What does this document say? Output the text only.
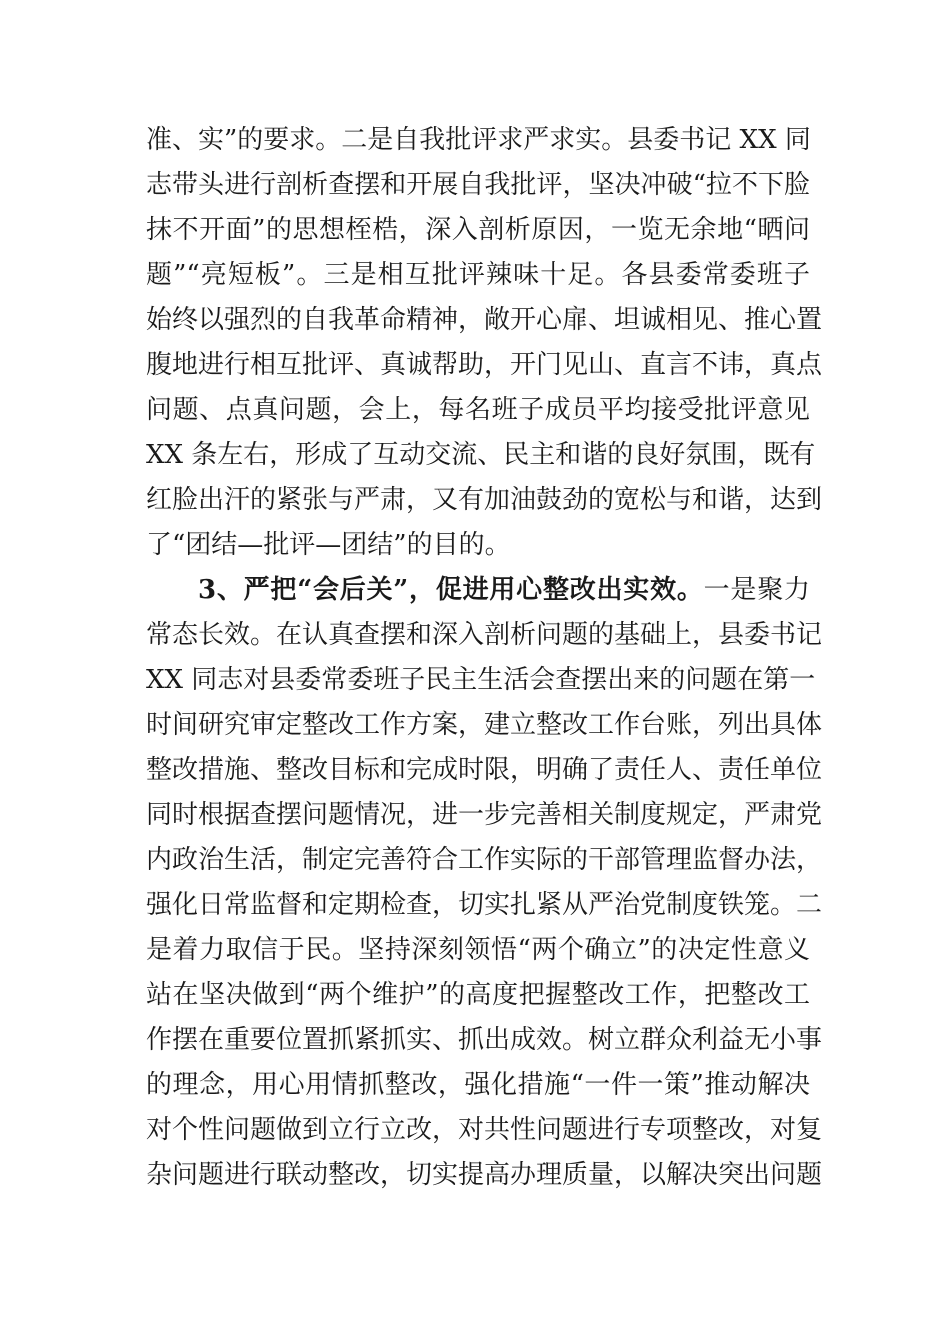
准、实”的要求。二是自我批评求严求实。县委书记 XX 同
志带头进行剖析查摆和开展自我批评，坚决冲破“拉不下脸
抹不开面”的思想桎梏，深入剖析原因，一览无余地“晒问
题”“亮短板”。三是相互批评辣味十足。各县委常委班子
始终以强烈的自我革命精神，敞开心扉、坦诚相见、推心置
腹地进行相互批评、真诚帮助，开门见山、直言不讳，真点
问题、点真问题，会上，每名班子成员平均接受批评意见
XX 条左右，形成了互动交流、民主和谐的良好氛围，既有
红脸出汗的紧张与严肃，又有加油鼓劲的宽松与和谐，达到
了“团结—批评—团结”的目的。
3、严把“会后关”，促进用心整改出实效。一是聚力
常态长效。在认真查摆和深入剖析问题的基础上，县委书记
XX 同志对县委常委班子民主生活会查摆出来的问题在第一
时间研究审定整改工作方案，建立整改工作台账，列出具体
整改措施、整改目标和完成时限，明确了责任人、责任单位
同时根据查摆问题情况，进一步完善相关制度规定，严肃党
内政治生活，制定完善符合工作实际的干部管理监督办法，
强化日常监督和定期检查，切实扎紧从严治党制度铁笼。二
是着力取信于民。坚持深刻领悟“两个确立”的决定性意义
站在坚决做到“两个维护”的高度把握整改工作，把整改工
作摆在重要位置抓紧抓实、抓出成效。树立群众利益无小事
的理念，用心用情抓整改，强化措施“一件一策”推动解决
对个性问题做到立行立改，对共性问题进行专项整改，对复
杂问题进行联动整改，切实提高办理质量，以解决突出问题
